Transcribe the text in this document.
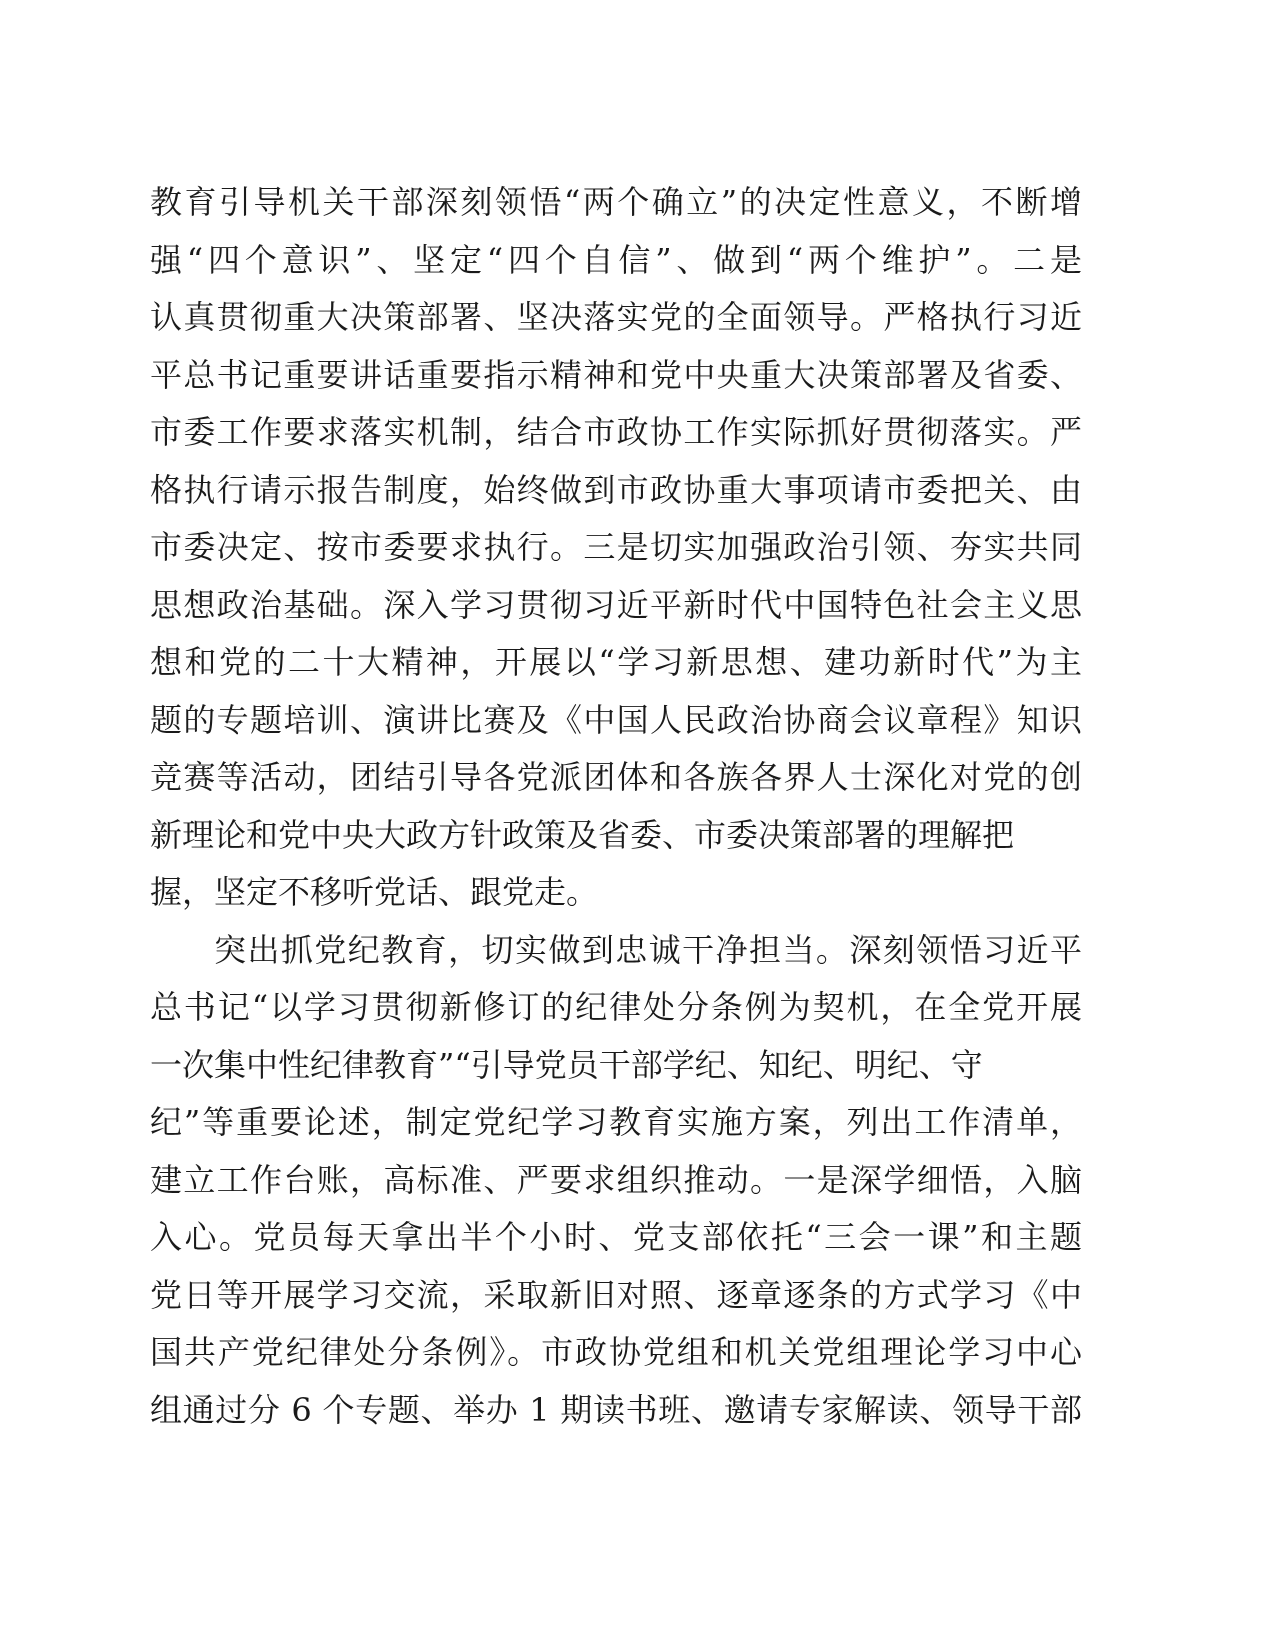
教育引导机关干部深刻领悟“两个确立”的决定性意义，不断增
强“四个意识”、坚定“四个自信”、做到“两个维护”。二是
认真贯彻重大决策部署、坚决落实党的全面领导。严格执行习近
平总书记重要讲话重要指示精神和党中央重大决策部署及省委、
市委工作要求落实机制，结合市政协工作实际抓好贯彻落实。严
格执行请示报告制度，始终做到市政协重大事项请市委把关、由
市委决定、按市委要求执行。三是切实加强政治引领、夯实共同
思想政治基础。深入学习贯彻习近平新时代中国特色社会主义思
想和党的二十大精神，开展以“学习新思想、建功新时代”为主
题的专题培训、演讲比赛及《中国人民政治协商会议章程》知识
竞赛等活动，团结引导各党派团体和各族各界人士深化对党的创
新理论和党中央大政方针政策及省委、市委决策部署的理解把
握，坚定不移听党话、跟党走。
突出抓党纪教育，切实做到忠诚干净担当。深刻领悟习近平
总书记“以学习贯彻新修订的纪律处分条例为契机，在全党开展
一次集中性纪律教育”“引导党员干部学纪、知纪、明纪、守
纪”等重要论述，制定党纪学习教育实施方案，列出工作清单，
建立工作台账，高标准、严要求组织推动。一是深学细悟，入脑
入心。党员每天拿出半个小时、党支部依托“三会一课”和主题
党日等开展学习交流，采取新旧对照、逐章逐条的方式学习《中
国共产党纪律处分条例》。市政协党组和机关党组理论学习中心
组通过分 6 个专题、举办 1 期读书班、邀请专家解读、领导干部
